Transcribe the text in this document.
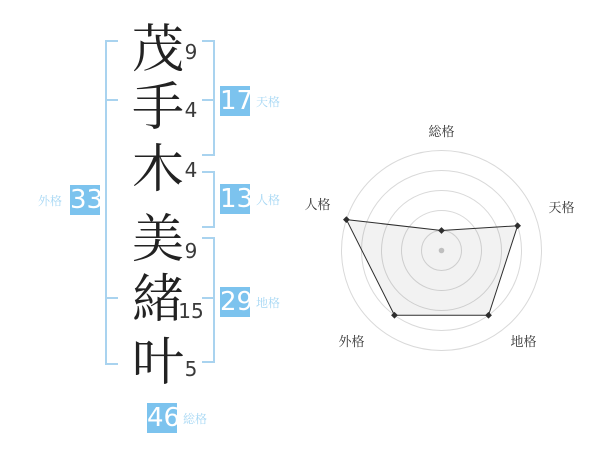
茂 9
手 4
木 4
美 9
緒
15
叶 5
17 天格
13 人格
29 地格
33
外格
46 総格
総格
天格
地格
外格
人格
